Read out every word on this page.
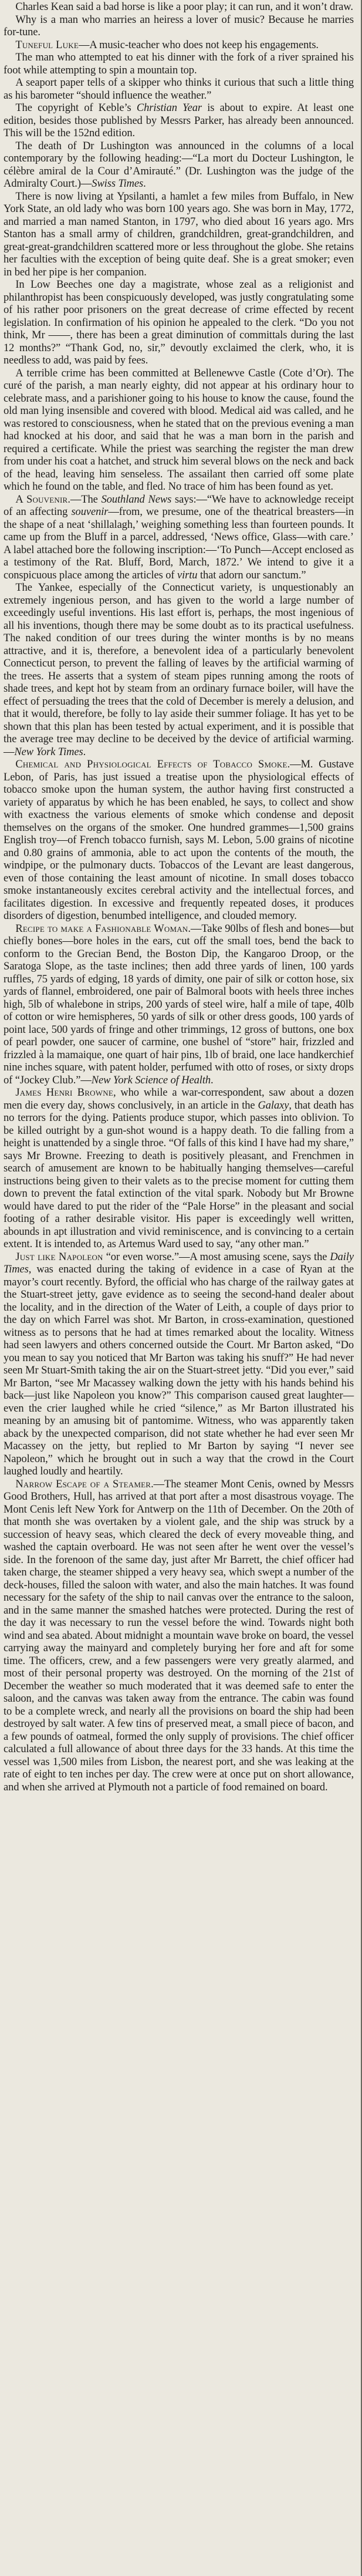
Charles Kean said a bad horse is like a poor play; it can run, and it won’t draw.

Why is a man who marries an heiress a lover of music? Because he marries for-tune.

Tuneful Luke—A music-teacher who does not keep his engagements.

The man who attempted to eat his dinner with the fork of a river sprained his foot while attempting to spin a mountain top.

A seaport paper tells of a skipper who thinks it curious that such a little thing as his barometer “should influence the weather.”

The copyright of Keble’s Christian Year is about to expire. At least one edition, besides those published by Messrs Parker, has already been announced. This will be the 152nd edition.

The death of Dr Lushington was announced in the columns of a local contemporary by the following heading:—“La mort du Docteur Lushington, le célèbre amiral de la Cour d’Amirauté.” (Dr. Lushington was the judge of the Admiralty Court.)—Swiss Times.

There is now living at Ypsilanti, a hamlet a few miles from Buffalo, in New York State, an old lady who was born 100 years ago. She was born in May, 1772, and married a man named Stanton, in 1797, who died about 16 years ago. Mrs Stanton has a small army of children, grandchildren, great-grandchildren, and great-great-grandchildren scattered more or less throughout the globe. She retains her faculties with the exception of being quite deaf. She is a great smoker; even in bed her pipe is her companion.

In Low Beeches one day a magistrate, whose zeal as a religionist and philanthropist has been conspicuously developed, was justly congratulating some of his rather poor prisoners on the great decrease of crime effected by recent legislation. In confirmation of his opinion he appealed to the clerk. “Do you not think, Mr ——, there has been a great diminution of committals during the last 12 months?” “Thank God, no, sir,” devoutly exclaimed the clerk, who, it is needless to add, was paid by fees.

A terrible crime has been committed at Bellenewve Castle (Cote d’Or). The curé of the parish, a man nearly eighty, did not appear at his ordinary hour to celebrate mass, and a parishioner going to his house to know the cause, found the old man lying insensible and covered with blood. Medical aid was called, and he was restored to consciousness, when he stated that on the previous evening a man had knocked at his door, and said that he was a man born in the parish and required a certificate. While the priest was searching the register the man drew from under his coat a hatchet, and struck him several blows on the neck and back of the head, leaving him senseless. The assailant then carried off some plate which he found on the table, and fled. No trace of him has been found as yet.

A Souvenir.—The Southland News says:—“We have to acknowledge receipt of an affecting souvenir—from, we presume, one of the theatrical breasters—in the shape of a neat ‘shillalagh,’ weighing something less than fourteen pounds. It came up from the Bluff in a parcel, addressed, ‘News office, Glass—with care.’ A label attached bore the following inscription:—‘To Punch—Accept enclosed as a testimony of the Rat. Bluff, Bord, March, 1872.’ We intend to give it a conspicuous place among the articles of virtu that adorn our sanctum.”

The Yankee, especially of the Connecticut variety, is unquestionably an extremely ingenious person, and has given to the world a large number of exceedingly useful inventions. His last effort is, perhaps, the most ingenious of all his inventions, though there may be some doubt as to its practical usefulness. The naked condition of our trees during the winter months is by no means attractive, and it is, therefore, a benevolent idea of a particularly benevolent Connecticut person, to prevent the falling of leaves by the artificial warming of the trees. He asserts that a system of steam pipes running among the roots of shade trees, and kept hot by steam from an ordinary furnace boiler, will have the effect of persuading the trees that the cold of December is merely a delusion, and that it would, therefore, be folly to lay aside their summer foliage. It has yet to be shown that this plan has been tested by actual experiment, and it is possible that the average tree may decline to be deceived by the device of artificial warming.—New York Times.

Chemical and Physiological Effects of Tobacco Smoke.—M. Gustave Lebon, of Paris, has just issued a treatise upon the physiological effects of tobacco smoke upon the human system, the author having first constructed a variety of apparatus by which he has been enabled, he says, to collect and show with exactness the various elements of smoke which condense and deposit themselves on the organs of the smoker. One hundred grammes—1,500 grains English troy—of French tobacco furnish, says M. Lebon, 5.00 grains of nicotine and 0.80 grains of ammonia, able to act upon the contents of the mouth, the windpipe, or the pulmonary ducts. Tobaccos of the Levant are least dangerous, even of those containing the least amount of nicotine. In small doses tobacco smoke instantaneously excites cerebral activity and the intellectual forces, and facilitates digestion. In excessive and frequently repeated doses, it produces disorders of digestion, benumbed intelligence, and clouded memory.

Recipe to make a Fashionable Woman.—Take 90lbs of flesh and bones—but chiefly bones—bore holes in the ears, cut off the small toes, bend the back to conform to the Grecian Bend, the Boston Dip, the Kangaroo Droop, or the Saratoga Slope, as the taste inclines; then add three yards of linen, 100 yards ruffles, 75 yards of edging, 18 yards of dimity, one pair of silk or cotton hose, six yards of flannel, embroidered, one pair of Balmoral boots with heels three inches high, 5lb of whalebone in strips, 200 yards of steel wire, half a mile of tape, 40lb of cotton or wire hemispheres, 50 yards of silk or other dress goods, 100 yards of point lace, 500 yards of fringe and other trimmings, 12 gross of buttons, one box of pearl powder, one saucer of carmine, one bushel of “store” hair, frizzled and frizzled à la mamaique, one quart of hair pins, 1lb of braid, one lace handkerchief nine inches square, with patent holder, perfumed with otto of roses, or sixty drops of “Jockey Club.”—New York Science of Health.

James Henri Browne, who while a war-correspondent, saw about a dozen men die every day, shows conclusively, in an article in the Galaxy, that death has no terrors for the dying. Patients produce stupor, which passes into oblivion. To be killed outright by a gun-shot wound is a happy death. To die falling from a height is unattended by a single throe. “Of falls of this kind I have had my share,” says Mr Browne. Freezing to death is positively pleasant, and Frenchmen in search of amusement are known to be habitually hanging themselves—careful instructions being given to their valets as to the precise moment for cutting them down to prevent the fatal extinction of the vital spark. Nobody but Mr Browne would have dared to put the rider of the “Pale Horse” in the pleasant and social footing of a rather desirable visitor. His paper is exceedingly well written, abounds in apt illustration and vivid reminiscence, and is convincing to a certain extent. It is intended to, as Artemus Ward used to say, “any other man.”

Just like Napoleon “or even worse.”—A most amusing scene, says the Daily Times, was enacted during the taking of evidence in a case of Ryan at the mayor’s court recently. Byford, the official who has charge of the railway gates at the Stuart-street jetty, gave evidence as to seeing the second-hand dealer about the locality, and in the direction of the Water of Leith, a couple of days prior to the day on which Farrel was shot. Mr Barton, in cross-examination, questioned witness as to persons that he had at times remarked about the locality. Witness had seen lawyers and others concerned outside the Court. Mr Barton asked, “Do you mean to say you noticed that Mr Barton was taking his snuff?” He had never seen Mr Stuart-Smith taking the air on the Stuart-street jetty. “Did you ever,” said Mr Barton, “see Mr Macassey walking down the jetty with his hands behind his back—just like Napoleon you know?” This comparison caused great laughter—even the crier laughed while he cried “silence,” as Mr Barton illustrated his meaning by an amusing bit of pantomime. Witness, who was apparently taken aback by the unexpected comparison, did not state whether he had ever seen Mr Macassey on the jetty, but replied to Mr Barton by saying “I never see Napoleon,” which he brought out in such a way that the crowd in the Court laughed loudly and heartily.

Narrow Escape of a Steamer.—The steamer Mont Cenis, owned by Messrs Good Brothers, Hull, has arrived at that port after a most disastrous voyage. The Mont Cenis left New York for Antwerp on the 11th of December. On the 20th of that month she was overtaken by a violent gale, and the ship was struck by a succession of heavy seas, which cleared the deck of every moveable thing, and washed the captain overboard. He was not seen after he went over the vessel’s side. In the forenoon of the same day, just after Mr Barrett, the chief officer had taken charge, the steamer shipped a very heavy sea, which swept a number of the deck-houses, filled the saloon with water, and also the main hatches. It was found necessary for the safety of the ship to nail canvas over the entrance to the saloon, and in the same manner the smashed hatches were protected. During the rest of the day it was necessary to run the vessel before the wind. Towards night both wind and sea abated. About midnight a mountain wave broke on board, the vessel carrying away the mainyard and completely burying her fore and aft for some time. The officers, crew, and a few passengers were very greatly alarmed, and most of their personal property was destroyed. On the morning of the 21st of December the weather so much moderated that it was deemed safe to enter the saloon, and the canvas was taken away from the entrance. The cabin was found to be a complete wreck, and nearly all the provisions on board the ship had been destroyed by salt water. A few tins of preserved meat, a small piece of bacon, and a few pounds of oatmeal, formed the only supply of provisions. The chief officer calculated a full allowance of about three days for the 33 hands. At this time the vessel was 1,500 miles from Lisbon, the nearest port, and she was leaking at the rate of eight to ten inches per day. The crew were at once put on short allowance, and when she arrived at Plymouth not a particle of food remained on board.
